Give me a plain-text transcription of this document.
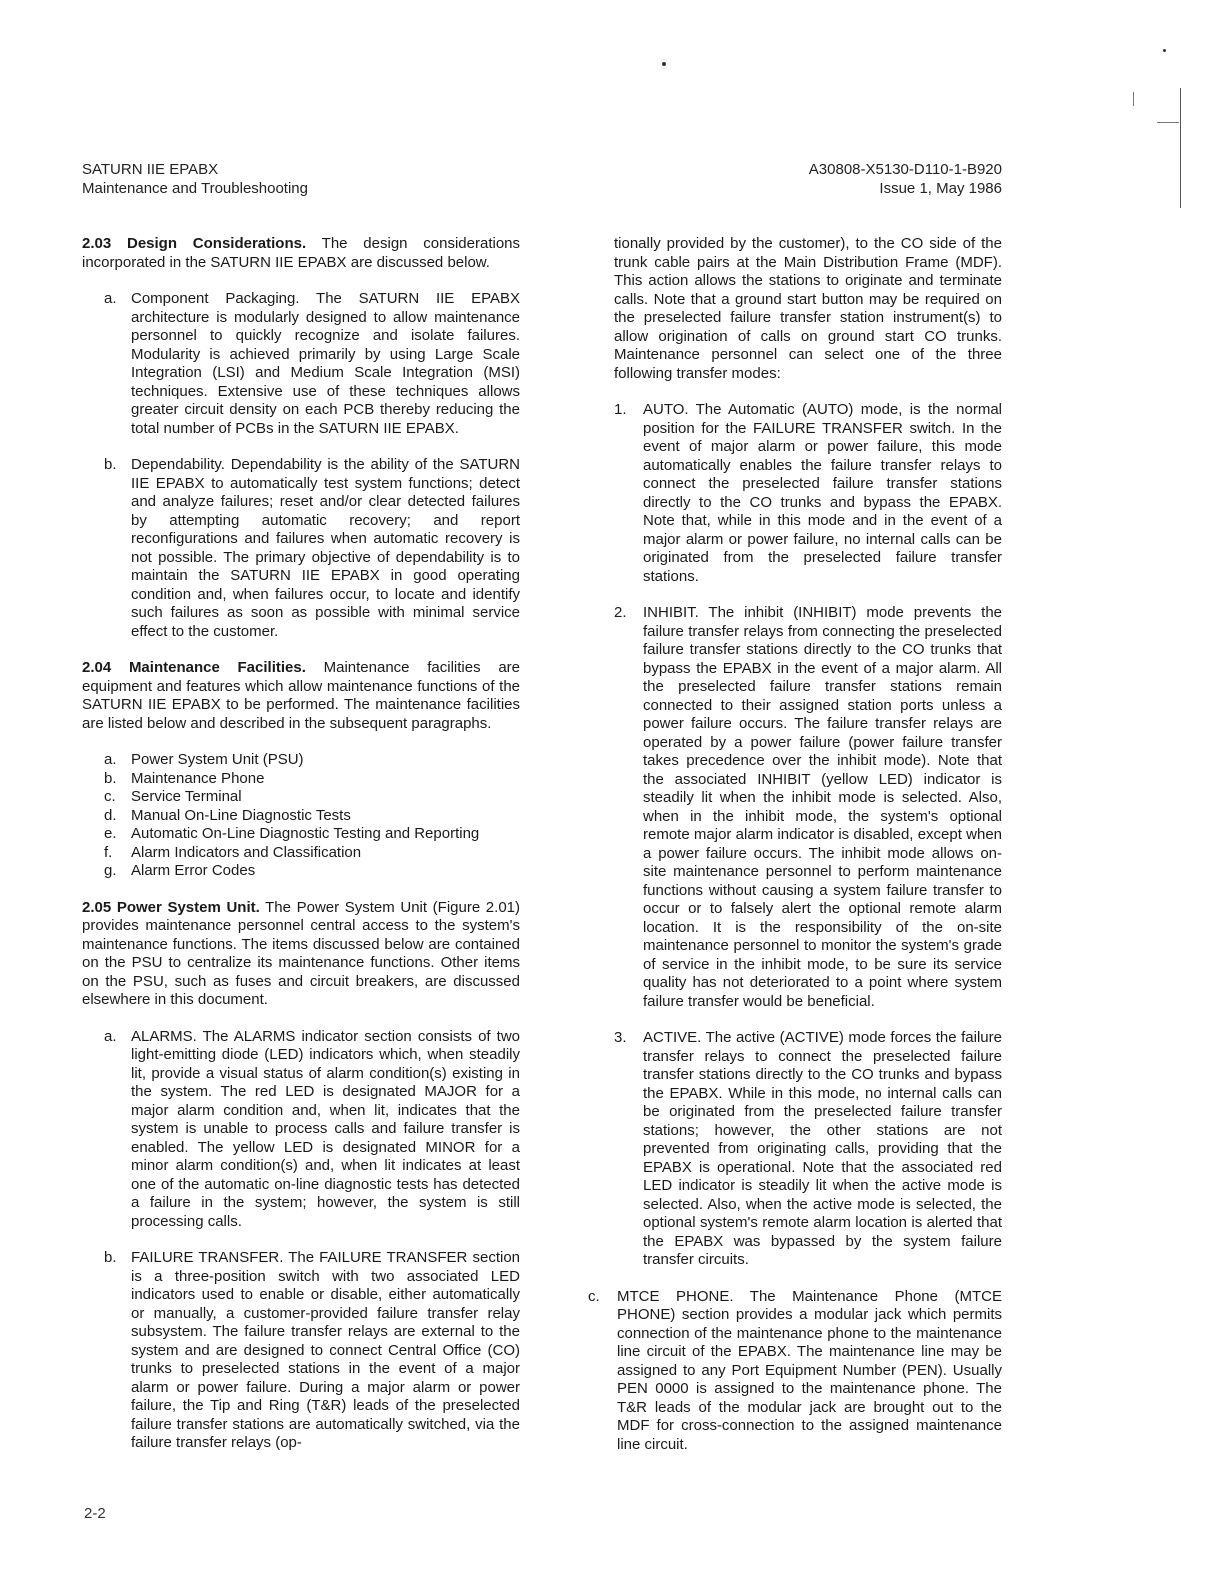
SATURN IIE EPABX
Maintenance and Troubleshooting
A30808-X5130-D110-1-B920
Issue 1, May 1986

2.03 Design Considerations. The design considerations incorporated in the SATURN IIE EPABX are discussed below.

a. Component Packaging. The SATURN IIE EPABX architecture is modularly designed to allow maintenance personnel to quickly recognize and isolate failures. Modularity is achieved primarily by using Large Scale Integration (LSI) and Medium Scale Integration (MSI) techniques. Extensive use of these techniques allows greater circuit density on each PCB thereby reducing the total number of PCBs in the SATURN IIE EPABX.

b. Dependability. Dependability is the ability of the SATURN IIE EPABX to automatically test system functions; detect and analyze failures; reset and/or clear detected failures by attempting automatic recovery; and report reconfigurations and failures when automatic recovery is not possible. The primary objective of dependability is to maintain the SATURN IIE EPABX in good operating condition and, when failures occur, to locate and identify such failures as soon as possible with minimal service effect to the customer.

2.04 Maintenance Facilities. Maintenance facilities are equipment and features which allow maintenance functions of the SATURN IIE EPABX to be performed. The maintenance facilities are listed below and described in the subsequent paragraphs.

a. Power System Unit (PSU)
b. Maintenance Phone
c. Service Terminal
d. Manual On-Line Diagnostic Tests
e. Automatic On-Line Diagnostic Testing and Reporting
f. Alarm Indicators and Classification
g. Alarm Error Codes

2.05 Power System Unit. The Power System Unit (Figure 2.01) provides maintenance personnel central access to the system's maintenance functions. The items discussed below are contained on the PSU to centralize its maintenance functions. Other items on the PSU, such as fuses and circuit breakers, are discussed elsewhere in this document.

a. ALARMS. The ALARMS indicator section consists of two light-emitting diode (LED) indicators which, when steadily lit, provide a visual status of alarm condition(s) existing in the system. The red LED is designated MAJOR for a major alarm condition and, when lit, indicates that the system is unable to process calls and failure transfer is enabled. The yellow LED is designated MINOR for a minor alarm condition(s) and, when lit indicates at least one of the automatic on-line diagnostic tests has detected a failure in the system; however, the system is still processing calls.

b. FAILURE TRANSFER. The FAILURE TRANSFER section is a three-position switch with two associated LED indicators used to enable or disable, either automatically or manually, a customer-provided failure transfer relay subsystem. The failure transfer relays are external to the system and are designed to connect Central Office (CO) trunks to preselected stations in the event of a major alarm or power failure. During a major alarm or power failure, the Tip and Ring (T&R) leads of the preselected failure transfer stations are automatically switched, via the failure transfer relays (op-

tionally provided by the customer), to the CO side of the trunk cable pairs at the Main Distribution Frame (MDF). This action allows the stations to originate and terminate calls. Note that a ground start button may be required on the preselected failure transfer station instrument(s) to allow origination of calls on ground start CO trunks. Maintenance personnel can select one of the three following transfer modes:

1. AUTO. The Automatic (AUTO) mode, is the normal position for the FAILURE TRANSFER switch. In the event of major alarm or power failure, this mode automatically enables the failure transfer relays to connect the preselected failure transfer stations directly to the CO trunks and bypass the EPABX. Note that, while in this mode and in the event of a major alarm or power failure, no internal calls can be originated from the preselected failure transfer stations.

2. INHIBIT. The inhibit (INHIBIT) mode prevents the failure transfer relays from connecting the preselected failure transfer stations directly to the CO trunks that bypass the EPABX in the event of a major alarm. All the preselected failure transfer stations remain connected to their assigned station ports unless a power failure occurs. The failure transfer relays are operated by a power failure (power failure transfer takes precedence over the inhibit mode). Note that the associated INHIBIT (yellow LED) indicator is steadily lit when the inhibit mode is selected. Also, when in the inhibit mode, the system's optional remote major alarm indicator is disabled, except when a power failure occurs. The inhibit mode allows on-site maintenance personnel to perform maintenance functions without causing a system failure transfer to occur or to falsely alert the optional remote alarm location. It is the responsibility of the on-site maintenance personnel to monitor the system's grade of service in the inhibit mode, to be sure its service quality has not deteriorated to a point where system failure transfer would be beneficial.

3. ACTIVE. The active (ACTIVE) mode forces the failure transfer relays to connect the preselected failure transfer stations directly to the CO trunks and bypass the EPABX. While in this mode, no internal calls can be originated from the preselected failure transfer stations; however, the other stations are not prevented from originating calls, providing that the EPABX is operational. Note that the associated red LED indicator is steadily lit when the active mode is selected. Also, when the active mode is selected, the optional system's remote alarm location is alerted that the EPABX was bypassed by the system failure transfer circuits.

c. MTCE PHONE. The Maintenance Phone (MTCE PHONE) section provides a modular jack which permits connection of the maintenance phone to the maintenance line circuit of the EPABX. The maintenance line may be assigned to any Port Equipment Number (PEN). Usually PEN 0000 is assigned to the maintenance phone. The T&R leads of the modular jack are brought out to the MDF for cross-connection to the assigned maintenance line circuit.

2-2
